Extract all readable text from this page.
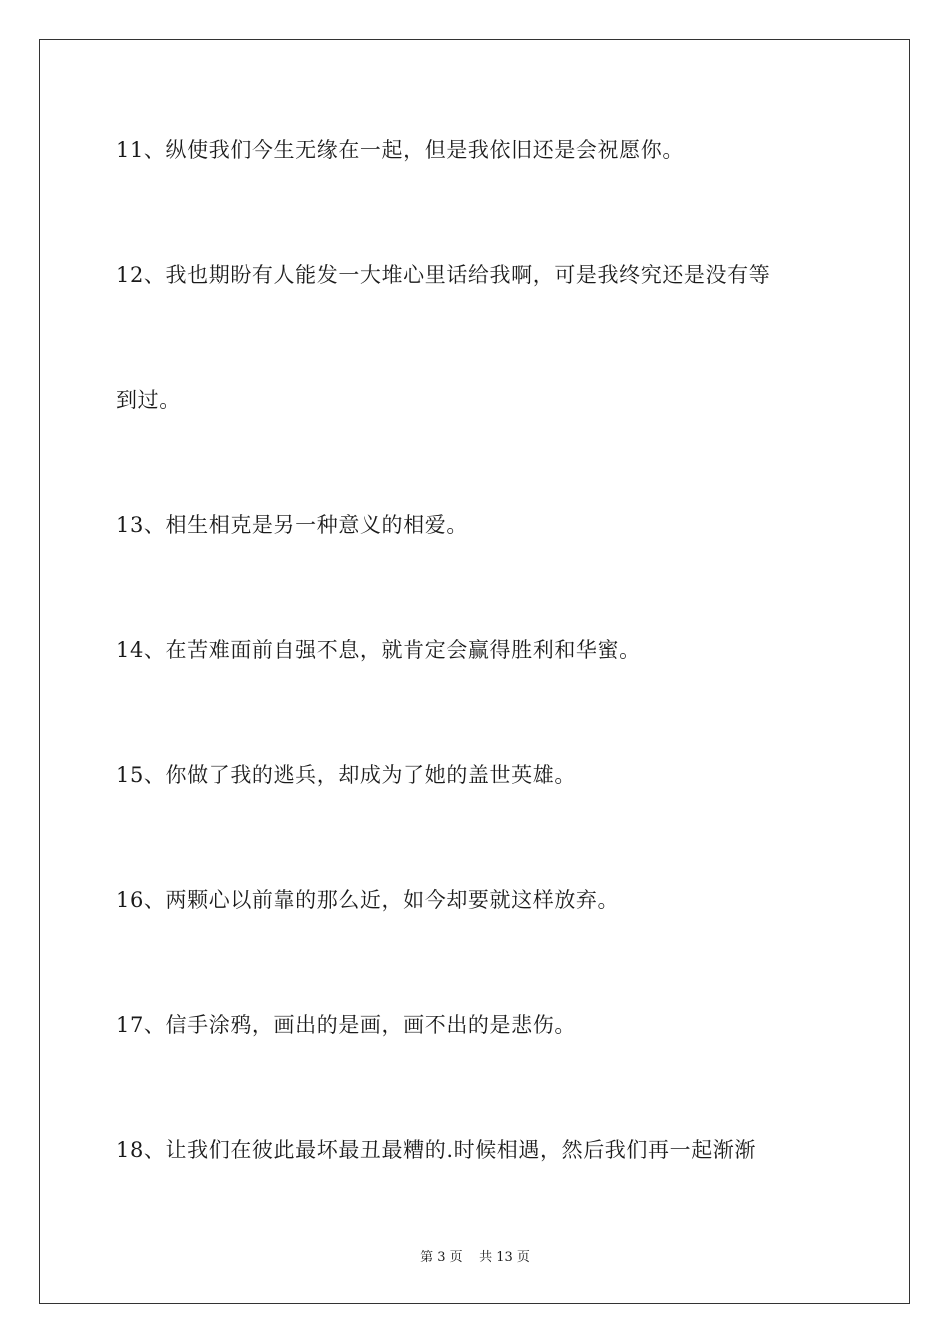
11、纵使我们今生无缘在一起，但是我依旧还是会祝愿你。
12、我也期盼有人能发一大堆心里话给我啊，可是我终究还是没有等
到过。
13、相生相克是另一种意义的相爱。
14、在苦难面前自强不息，就肯定会赢得胜利和华蜜。
15、你做了我的逃兵，却成为了她的盖世英雄。
16、两颗心以前靠的那么近，如今却要就这样放弃。
17、信手涂鸦，画出的是画，画不出的是悲伤。
18、让我们在彼此最坏最丑最糟的.时候相遇，然后我们再一起渐渐
第 3 页    共 13 页
